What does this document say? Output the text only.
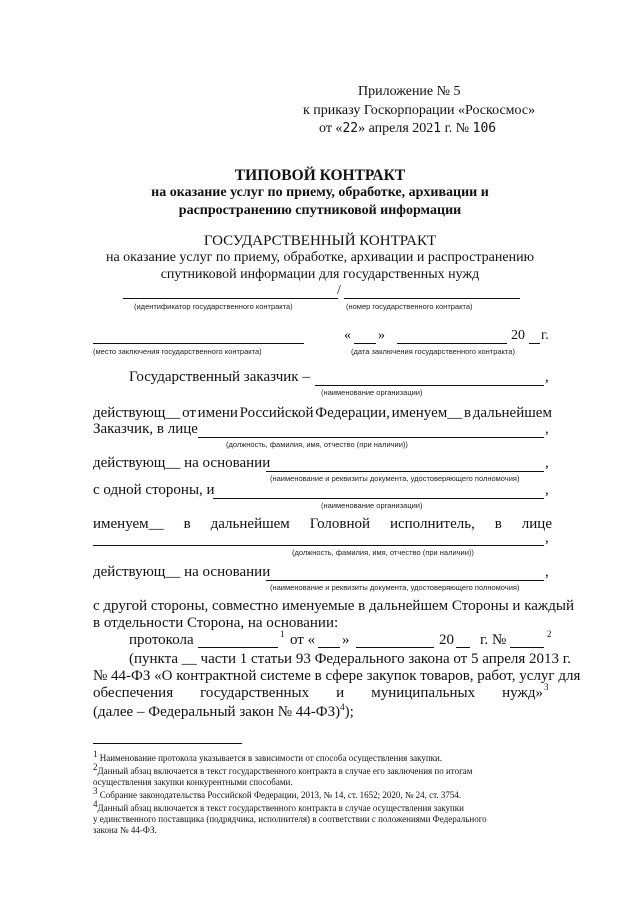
Приложение № 5
к приказу Госкорпорации «Роскосмос»
от «22» апреля 2021 г. № 106
ТИПОВОЙ КОНТРАКТ
на оказание услуг по приему, обработке, архивации и
распространению спутниковой информации
ГОСУДАРСТВЕННЫЙ КОНТРАКТ
на оказание услуг по приему, обработке, архивации и распространению
спутниковой информации для государственных нужд
/
(идентификатор государственного контракта)	(номер государственного контракта)
« »	20 г.
(место заключения государственного контракта)	(дата заключения государственного контракта)
Государственный заказчик –	,
(наименование организации)
действующ__ от имени Российской Федерации, именуем__ в дальнейшем
Заказчик, в лице	,
(должность, фамилия, имя, отчество (при наличии))
действующ__ на основании	,
(наименование и реквизиты документа, удостоверяющего полномочия)
с одной стороны, и	,
(наименование организации)
именуем__ в дальнейшем Головной исполнитель, в лице
,
(должность, фамилия, имя, отчество (при наличии))
действующ__ на основании	,
(наименование и реквизиты документа, удостоверяющего полномочия)
с другой стороны, совместно именуемые в дальнейшем Стороны и каждый
в отдельности Сторона, на основании:
протокола	1 от « »	20 г. №	2
(пункта __ части 1 статьи 93 Федерального закона от 5 апреля 2013 г.
№ 44-ФЗ «О контрактной системе в сфере закупок товаров, работ, услуг для
обеспечения государственных и муниципальных нужд» 3
(далее – Федеральный закон № 44-ФЗ)$^4$);
$^1$ Наименование протокола указывается в зависимости от способа осуществления закупки.
$^2$Данный абзац включается в текст государственного контракта в случае его заключения по итогам
осуществления закупки конкурентными способами.
$^3$ Собрание законодательства Российской Федерации, 2013, № 14, ст. 1652; 2020, № 24, ст. 3754.
$^4$Данный абзац включается в текст государственного контракта в случае осуществления закупки
у единственного поставщика (подрядчика, исполнителя) в соответствии с положениями Федерального
закона № 44-ФЗ.
